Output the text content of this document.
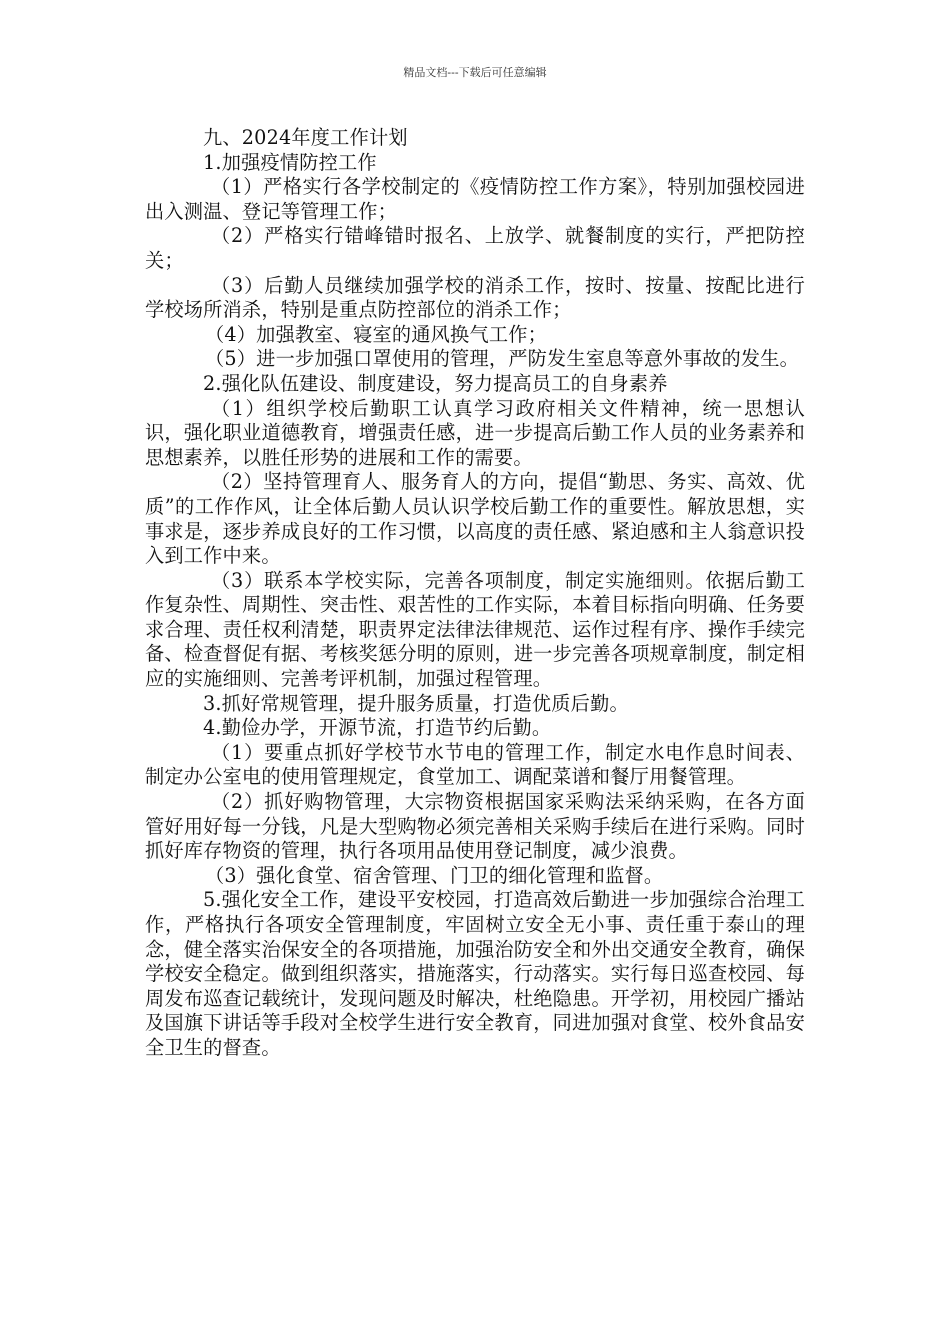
精品文档---下载后可任意编辑

九、2024年度工作计划

1.加强疫情防控工作

（1）严格实行各学校制定的《疫情防控工作方案》，特别加强校园进出入测温、登记等管理工作；

（2）严格实行错峰错时报名、上放学、就餐制度的实行，严把防控关；

（3）后勤人员继续加强学校的消杀工作，按时、按量、按配比进行学校场所消杀，特别是重点防控部位的消杀工作；

（4）加强教室、寝室的通风换气工作；

（5）进一步加强口罩使用的管理，严防发生室息等意外事故的发生。

2.强化队伍建设、制度建设，努力提高员工的自身素养

（1）组织学校后勤职工认真学习政府相关文件精神，统一思想认识，强化职业道德教育，增强责任感，进一步提高后勤工作人员的业务素养和思想素养，以胜任形势的进展和工作的需要。

（2）坚持管理育人、服务育人的方向，提倡“勤思、务实、高效、优质”的工作作风，让全体后勤人员认识学校后勤工作的重要性。解放思想，实事求是，逐步养成良好的工作习惯，以高度的责任感、紧迫感和主人翁意识投入到工作中来。

（3）联系本学校实际，完善各项制度，制定实施细则。依据后勤工作复杂性、周期性、突击性、艰苦性的工作实际，本着目标指向明确、任务要求合理、责任权利清楚，职责界定法律法律规范、运作过程有序、操作手续完备、检查督促有据、考核奖惩分明的原则，进一步完善各项规章制度，制定相应的实施细则、完善考评机制，加强过程管理。

3.抓好常规管理，提升服务质量，打造优质后勤。

4.勤俭办学，开源节流，打造节约后勤。

（1）要重点抓好学校节水节电的管理工作，制定水电作息时间表、制定办公室电的使用管理规定，食堂加工、调配菜谱和餐厅用餐管理。

（2）抓好购物管理，大宗物资根据国家采购法采纳采购，在各方面管好用好每一分钱，凡是大型购物必须完善相关采购手续后在进行采购。同时抓好库存物资的管理，执行各项用品使用登记制度，减少浪费。

（3）强化食堂、宿舍管理、门卫的细化管理和监督。

5.强化安全工作，建设平安校园，打造高效后勤进一步加强综合治理工作，严格执行各项安全管理制度，牢固树立安全无小事、责任重于泰山的理念，健全落实治保安全的各项措施，加强治防安全和外出交通安全教育，确保学校安全稳定。做到组织落实，措施落实，行动落实。实行每日巡查校园、每周发布巡查记载统计，发现问题及时解决，杜绝隐患。开学初，用校园广播站及国旗下讲话等手段对全校学生进行安全教育，同进加强对食堂、校外食品安全卫生的督查。
